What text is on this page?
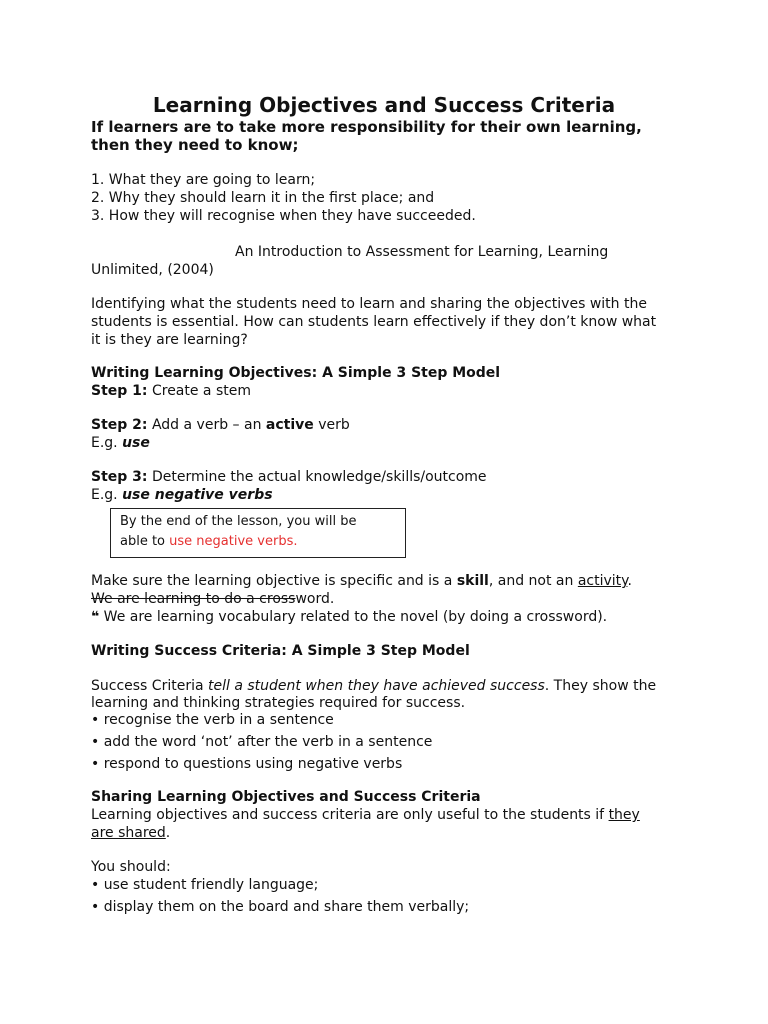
Learning Objectives and Success Criteria
If learners are to take more responsibility for their own learning,
then they need to know;
1. What they are going to learn;
2. Why they should learn it in the first place; and
3. How they will recognise when they have succeeded.
An Introduction to Assessment for Learning, Learning
Unlimited, (2004)
Identifying what the students need to learn and sharing the objectives with the
students is essential. How can students learn effectively if they don’t know what
it is they are learning?
Writing Learning Objectives: A Simple 3 Step Model
Step 1: Create a stem
Step 2: Add a verb – an active verb
E.g. use
Step 3: Determine the actual knowledge/skills/outcome
E.g. use negative verbs
By the end of the lesson, you will be
able to use negative verbs.
Make sure the learning objective is specific and is a skill, and not an activity.
We are learning to do a crossword.
❝ We are learning vocabulary related to the novel (by doing a crossword).
Writing Success Criteria: A Simple 3 Step Model
Success Criteria tell a student when they have achieved success. They show the
learning and thinking strategies required for success.
• recognise the verb in a sentence
• add the word ‘not’ after the verb in a sentence
• respond to questions using negative verbs
Sharing Learning Objectives and Success Criteria
Learning objectives and success criteria are only useful to the students if they
are shared.
You should:
• use student friendly language;
• display them on the board and share them verbally;
